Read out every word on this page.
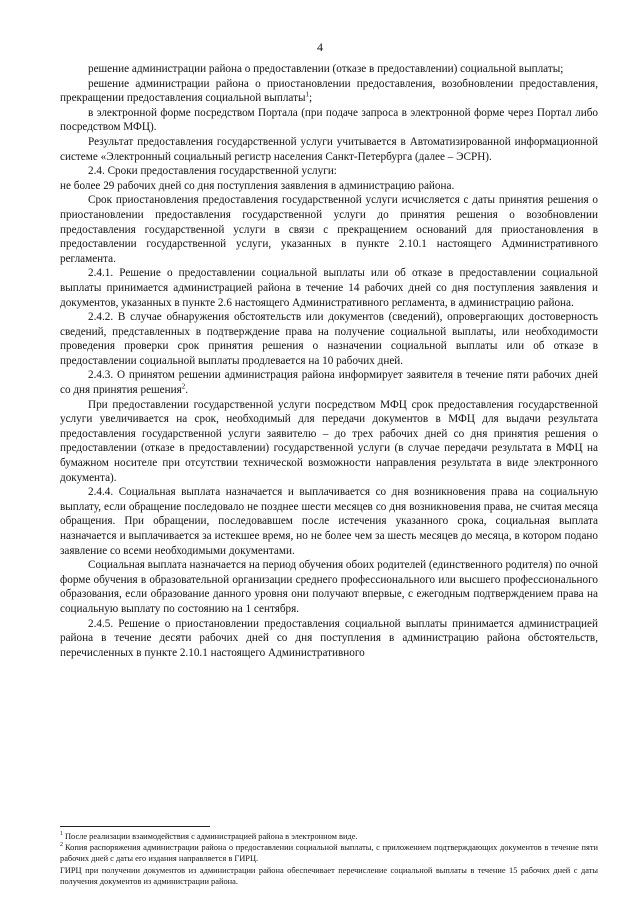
4

решение администрации района о предоставлении (отказе в предоставлении) социальной выплаты;

решение администрации района о приостановлении предоставления, возобновлении предоставления, прекращении предоставления социальной выплаты$^1$;

в электронной форме посредством Портала (при подаче запроса в электронной форме через Портал либо посредством МФЦ).

Результат предоставления государственной услуги учитывается в Автоматизированной информационной системе «Электронный социальный регистр населения Санкт-Петербурга (далее – ЭСРН).

2.4. Сроки предоставления государственной услуги:

не более 29 рабочих дней со дня поступления заявления в администрацию района.

Срок приостановления предоставления государственной услуги исчисляется с даты принятия решения о приостановлении предоставления государственной услуги до принятия решения о возобновлении предоставления государственной услуги в связи с прекращением оснований для приостановления в предоставлении государственной услуги, указанных в пункте 2.10.1 настоящего Административного регламента.

2.4.1. Решение о предоставлении социальной выплаты или об отказе в предоставлении социальной выплаты принимается администрацией района в течение 14 рабочих дней со дня поступления заявления и документов, указанных в пункте 2.6 настоящего Административного регламента, в администрацию района.

2.4.2. В случае обнаружения обстоятельств или документов (сведений), опровергающих достоверность сведений, представленных в подтверждение права на получение социальной выплаты, или необходимости проведения проверки срок принятия решения о назначении социальной выплаты или об отказе в предоставлении социальной выплаты продлевается на 10 рабочих дней.

2.4.3. О принятом решении администрация района информирует заявителя в течение пяти рабочих дней со дня принятия решения$^2$.

При предоставлении государственной услуги посредством МФЦ срок предоставления государственной услуги увеличивается на срок, необходимый для передачи документов в МФЦ для выдачи результата предоставления государственной услуги заявителю – до трех рабочих дней со дня принятия решения о предоставлении (отказе в предоставлении) государственной услуги (в случае передачи результата в МФЦ на бумажном носителе при отсутствии технической возможности направления результата в виде электронного документа).

2.4.4. Социальная выплата назначается и выплачивается со дня возникновения права на социальную выплату, если обращение последовало не позднее шести месяцев со дня возникновения права, не считая месяца обращения. При обращении, последовавшем после истечения указанного срока, социальная выплата назначается и выплачивается за истекшее время, но не более чем за шесть месяцев до месяца, в котором подано заявление со всеми необходимыми документами.

Социальная выплата назначается на период обучения обоих родителей (единственного родителя) по очной форме обучения в образовательной организации среднего профессионального или высшего профессионального образования, если образование данного уровня они получают впервые, с ежегодным подтверждением права на социальную выплату по состоянию на 1 сентября.

2.4.5. Решение о приостановлении предоставления социальной выплаты принимается администрацией района в течение десяти рабочих дней со дня поступления в администрацию района обстоятельств, перечисленных в пункте 2.10.1 настоящего Административного

$^1$ После реализации взаимодействия с администрацией района в электронном виде.

$^2$ Копия распоряжения администрации района о предоставлении социальной выплаты, с приложением подтверждающих документов в течение пяти рабочих дней с даты его издания направляется в ГИРЦ.

ГИРЦ при получении документов из администрации района обеспечивает перечисление социальной выплаты в течение 15 рабочих дней с даты получения документов из администрации района.
